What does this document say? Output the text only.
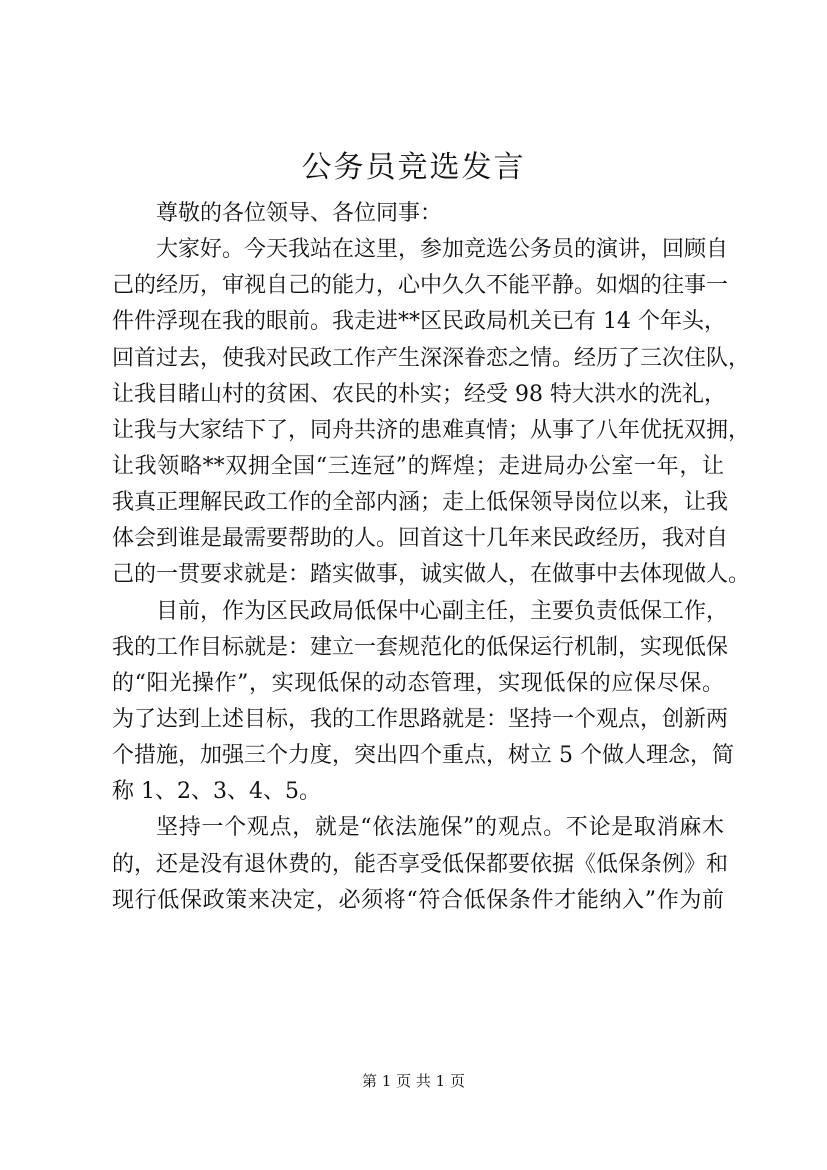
公务员竞选发言
尊敬的各位领导、各位同事：
大家好。今天我站在这里，参加竞选公务员的演讲，回顾自
己的经历，审视自己的能力，心中久久不能平静。如烟的往事一
件件浮现在我的眼前。我走进**区民政局机关已有 14 个年头，
回首过去，使我对民政工作产生深深眷恋之情。经历了三次住队，
让我目睹山村的贫困、农民的朴实；经受 98 特大洪水的洗礼，
让我与大家结下了，同舟共济的患难真情；从事了八年优抚双拥，
让我领略**双拥全国“三连冠”的辉煌；走进局办公室一年，让
我真正理解民政工作的全部内涵；走上低保领导岗位以来，让我
体会到谁是最需要帮助的人。回首这十几年来民政经历，我对自
己的一贯要求就是：踏实做事，诚实做人，在做事中去体现做人。
目前，作为区民政局低保中心副主任，主要负责低保工作，
我的工作目标就是：建立一套规范化的低保运行机制，实现低保
的“阳光操作”，实现低保的动态管理，实现低保的应保尽保。
为了达到上述目标，我的工作思路就是：坚持一个观点，创新两
个措施，加强三个力度，突出四个重点，树立 5 个做人理念，简
称 1、2、3、4、5。
坚持一个观点，就是“依法施保”的观点。不论是取消麻木
的，还是没有退休费的，能否享受低保都要依据《低保条例》和
现行低保政策来决定，必须将“符合低保条件才能纳入”作为前
第 1 页 共 1 页
